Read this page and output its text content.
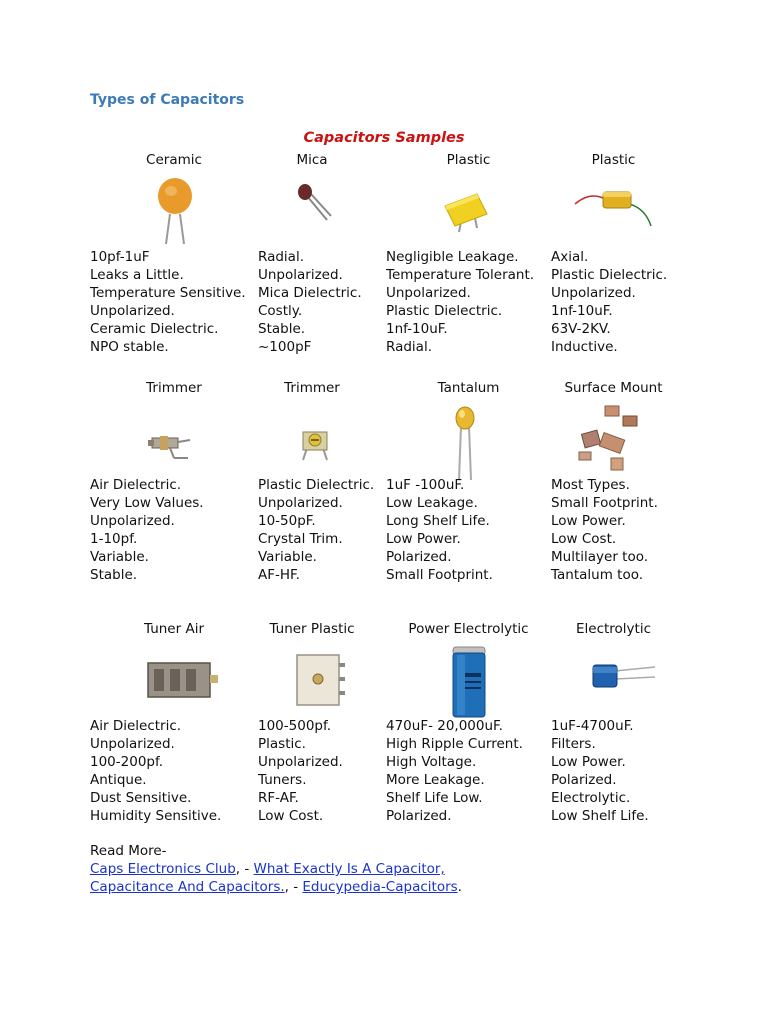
Types of Capacitors
Capacitors Samples
Ceramic
10pf-1uF
Leaks a Little.
Temperature Sensitive.
Unpolarized.
Ceramic Dielectric.
NPO stable.
Mica
Radial.
Unpolarized.
Mica Dielectric.
Costly.
Stable.
~100pF
Plastic
Negligible Leakage.
Temperature Tolerant.
Unpolarized.
Plastic Dielectric.
1nf-10uF.
Radial.
Plastic
Axial.
Plastic Dielectric.
Unpolarized.
1nf-10uF.
63V-2KV.
Inductive.
Trimmer
Air Dielectric.
Very Low Values.
Unpolarized.
1-10pf.
Variable.
Stable.
Trimmer
Plastic Dielectric.
Unpolarized.
10-50pF.
Crystal Trim.
Variable.
AF-HF.
Tantalum
1uF -100uF.
Low Leakage.
Long Shelf Life.
Low Power.
Polarized.
Small Footprint.
Surface Mount
Most Types.
Small Footprint.
Low Power.
Low Cost.
Multilayer too.
Tantalum too.
Tuner Air
Air Dielectric.
Unpolarized.
100-200pf.
Antique.
Dust Sensitive.
Humidity Sensitive.
Tuner Plastic
100-500pf.
Plastic.
Unpolarized.
Tuners.
RF-AF.
Low Cost.
Power Electrolytic
470uF- 20,000uF.
High Ripple Current.
High Voltage.
More Leakage.
Shelf Life Low.
Polarized.
Electrolytic
1uF-4700uF.
Filters.
Low Power.
Polarized.
Electrolytic.
Low Shelf Life.
Read More-
Caps Electronics Club, - What Exactly Is A Capacitor,
Capacitance And Capacitors., - Educypedia-Capacitors.
